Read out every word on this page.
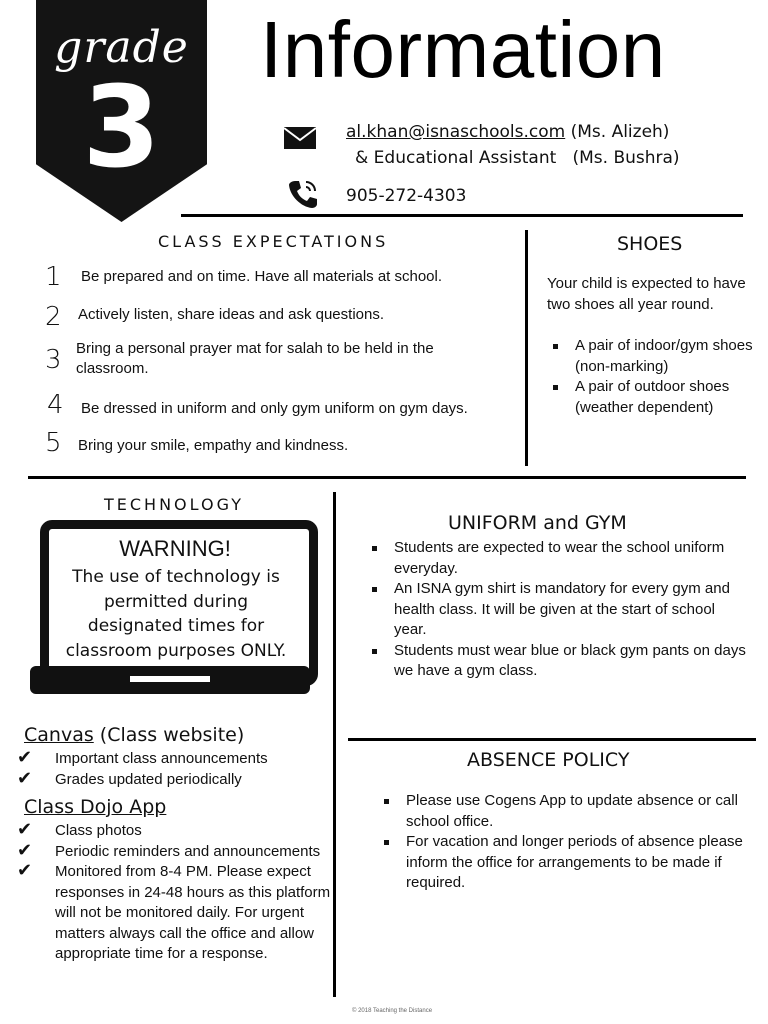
grade
3
Information
al.khan@isnaschools.com (Ms. Alizeh)
& Educational Assistant   (Ms. Bushra)
905-272-4303
CLASS EXPECTATIONS
1 Be prepared and on time. Have all materials at school.
2 Actively listen, share ideas and ask questions.
3 Bring a personal prayer mat for salah to be held in the classroom.
4 Be dressed in uniform and only gym uniform on gym days.
5 Bring your smile, empathy and kindness.
SHOES
Your child is expected to have two shoes all year round.
A pair of indoor/gym shoes (non-marking)
A pair of outdoor shoes (weather dependent)
TECHNOLOGY
WARNING!
The use of technology is permitted during designated times for classroom purposes ONLY.
UNIFORM and GYM
Students are expected to wear the school uniform everyday.
An ISNA gym shirt is mandatory for every gym and health class. It will be given at the start of school year.
Students must wear blue or black gym pants on days we have a gym class.
Canvas (Class website)
✔ Important class announcements
✔ Grades updated periodically
Class Dojo App
✔ Class photos
✔ Periodic reminders and announcements
✔ Monitored from 8-4 PM. Please expect responses in 24-48 hours as this platform will not be monitored daily. For urgent matters always call the office and allow appropriate time for a response.
ABSENCE POLICY
Please use Cogens App to update absence or call school office.
For vacation and longer periods of absence please inform the office for arrangements to be made if required.
© 2018 Teaching the Distance
